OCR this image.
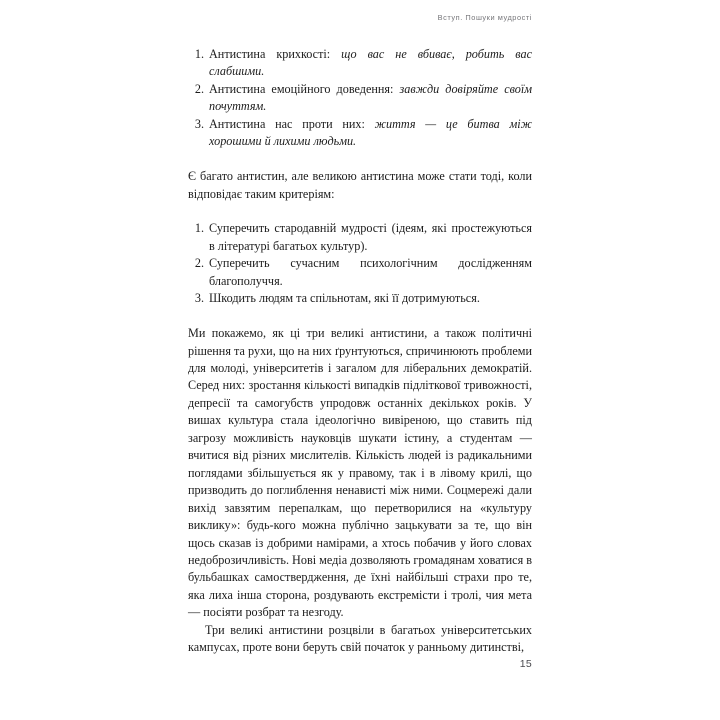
Вступ. Пошуки мудрості
1. Антистина крихкості: що вас не вбиває, робить вас слабшими.
2. Антистина емоційного доведення: завжди довіряйте своїм почуттям.
3. Антистина нас проти них: життя — це битва між хорошими й лихими людьми.

Є багато антистин, але великою антистина може стати тоді, коли відповідає таким критеріям:

1. Суперечить стародавній мудрості (ідеям, які простежуються в літературі багатьох культур).
2. Суперечить сучасним психологічним дослідженням благополуччя.
3. Шкодить людям та спільнотам, які її дотримуються.

Ми покажемо, як ці три великі антистини, а також політичні рішення та рухи, що на них ґрунтуються, спричинюють проблеми для молоді, університетів і загалом для ліберальних демократій. Серед них: зростання кількості випадків підліткової тривожності, депресії та самогубств упродовж останніх декількох років. У вишах культура стала ідеологічно вивіреною, що ставить під загрозу можливість науковців шукати істину, а студентам — вчитися від різних мислителів. Кількість людей із радикальними поглядами збільшується як у правому, так і в лівому крилі, що призводить до поглиблення ненависті між ними. Соцмережі дали вихід завзятим перепалкам, що перетворилися на «культуру виклику»: будь-кого можна публічно зацькувати за те, що він щось сказав із добрими намірами, а хтось побачив у його словах недоброзичливість. Нові медіа дозволяють громадянам ховатися в бульбашках самоствердження, де їхні найбільші страхи про те, яка лиха інша сторона, роздувають екстремісти і тролі, чия мета — посіяти розбрат та незгоду.

Три великі антистини розцвіли в багатьох університетських кампусах, проте вони беруть свій початок у ранньому дитинстві,

15
